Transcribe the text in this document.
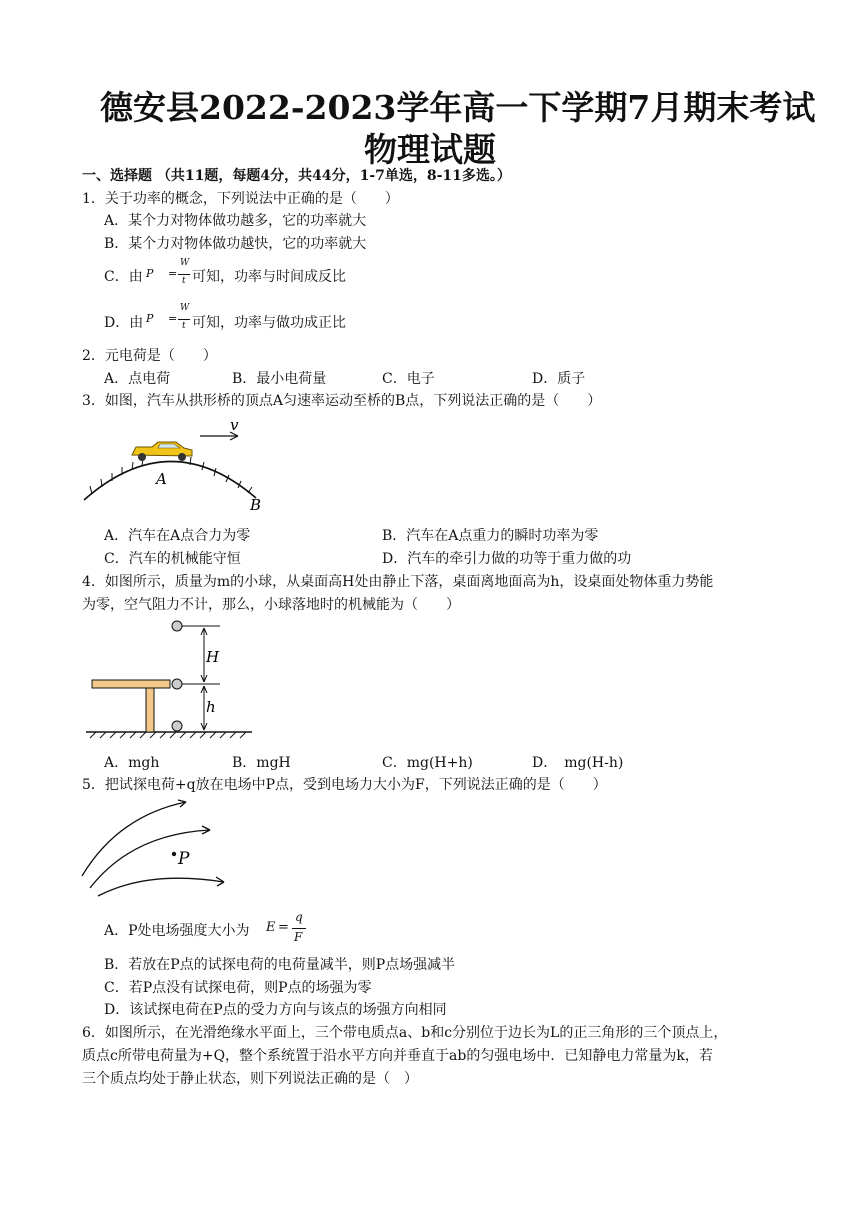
德安县2022-2023学年高一下学期7月期末考试
物理试题
一、选择题 （共11题，每题4分，共44分，1-7单选，8-11多选。）
1．关于功率的概念，下列说法中正确的是（　　）
A．某个力对物体做功越多，它的功率就大
B．某个力对物体做功越快，它的功率就大
C．由 P =
W
t 可知，功率与时间成反比
D．由 P =
W
t 可知，功率与做功成正比
2．元电荷是（　　）
A．点电荷	B．最小电荷量	C．电子	D．质子
3．如图，汽车从拱形桥的顶点A匀速率运动至桥的B点，下列说法正确的是（　　）
v
A
B
A．汽车在A点合力为零	B．汽车在A点重力的瞬时功率为零
C．汽车的机械能守恒	D．汽车的牵引力做的功等于重力做的功
4．如图所示，质量为m的小球，从桌面高H处由静止下落，桌面离地面高为h，设桌面处物体重力势能
为零，空气阻力不计，那么，小球落地时的机械能为（　　）
H
h
A．mgh	B．mgH	C．mg(H+h)	D．　mg(H-h)
5．把试探电荷+q放在电场中P点，受到电场力大小为F，下列说法正确的是（　　）
P
A．P处电场强度大小为 E =
q
F
B．若放在P点的试探电荷的电荷量减半，则P点场强减半
C．若P点没有试探电荷，则P点的场强为零
D．该试探电荷在P点的受力方向与该点的场强方向相同
6．如图所示，在光滑绝缘水平面上，三个带电质点a、b和c分别位于边长为L的正三角形的三个顶点上，
质点c所带电荷量为+Q，整个系统置于沿水平方向并垂直于ab的匀强电场中．已知静电力常量为k，若
三个质点均处于静止状态，则下列说法正确的是（　）
